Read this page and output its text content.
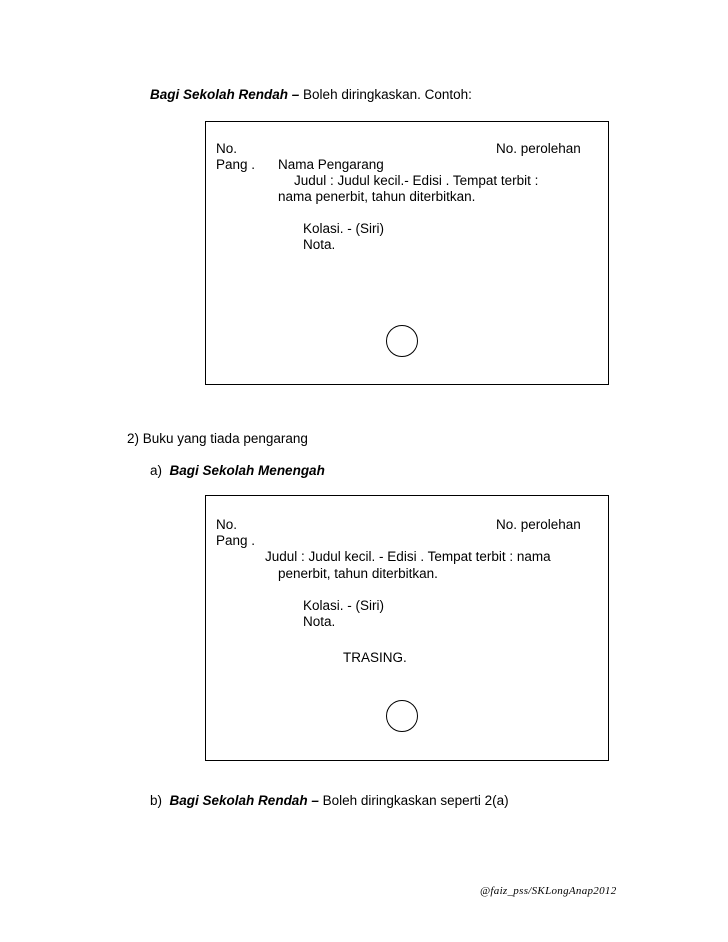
Bagi Sekolah Rendah – Boleh diringkaskan. Contoh:
No.	No. perolehan
Pang . Nama Pengarang
Judul : Judul kecil.- Edisi . Tempat terbit :
nama penerbit, tahun diterbitkan.
Kolasi. - (Siri)
Nota.
2) Buku yang tiada pengarang
a) Bagi Sekolah Menengah
No.	No. perolehan
Pang .
Judul : Judul kecil. - Edisi . Tempat terbit : nama
penerbit, tahun diterbitkan.
Kolasi. - (Siri)
Nota.
TRASING.
b) Bagi Sekolah Rendah – Boleh diringkaskan seperti 2(a)
@faiz_pss/SKLongAnap2012
